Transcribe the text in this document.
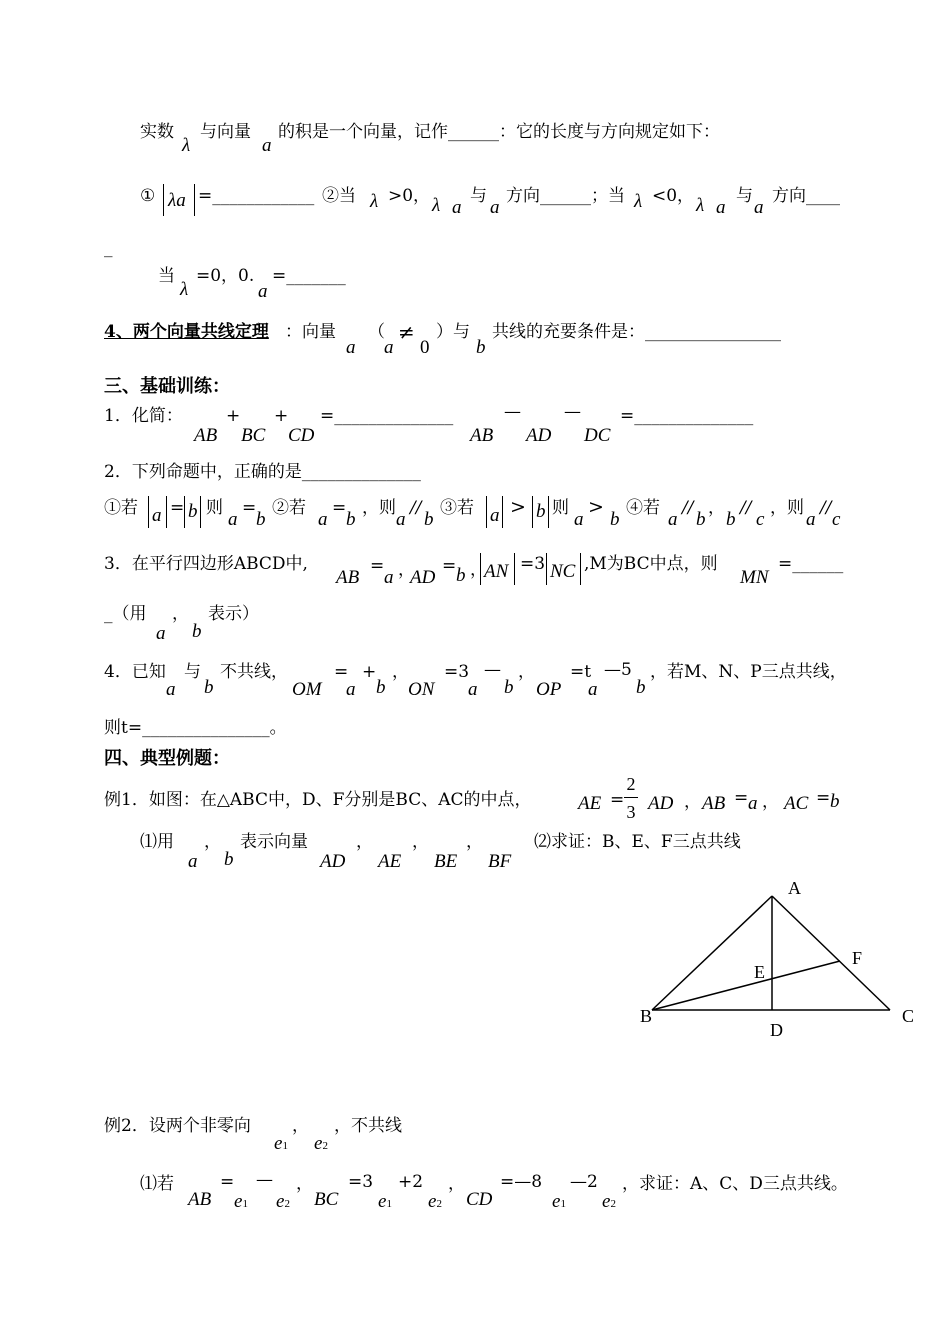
实数
λ
与向量
a
的积是一个向量，记作______：它的长度与方向规定如下：
① λa =____________ ②当 λ >0， λ a
与
a
方向______；当 λ <0， λ a
与
a
方向____
_
当
λ
=0，0.
a
=_______
4、两个向量共线定理 ：向量
a
（
a
≠
0
）与
b
共线的充要条件是：________________
三、基础训练：
1．化简：
AB
+
BC
+
CD
=______________
AB
—
AD
—
DC
=______________
2．下列命题中，正确的是______________
①若 a = b 则
a
=
b
②若
a
=
b
，则
a
//
b
③若 a > b 则
a
>
b
④若
a
//
b
，
b
//
c
，则
a
//
c
3．在平行四边形ABCD中,
AB
=
a ，
AD
= b ，
AN =3 NC ,M为BC中点，则
MN
=______
_（用
a
，
b
表示）
4．已知
a
与
b
不共线，
OM
=
a
+
b
，
ON
=3
a
—
b
，
OP
=t
a
—5
b
，若M、N、P三点共线，
则t=_______________。
四、典型例题：
例1．如图：在△ABC中，D、F分别是BC、AC的中点， AE =
2
3 AD ， AB = a ， AC = b
⑴用
a
，
b
表示向量
AD
，
AE
，
BE
，
BF
⑵求证：B、E、F三点共线
A
B	C
D
E
F
例2．设两个非零向
e1
，
e2
，不共线
⑴若
AB
=
e1
—
e2
，
BC
=3
e1
+2
e2
，
CD
=—8
e1
—2
e2
，求证：A、C、D三点共线。
